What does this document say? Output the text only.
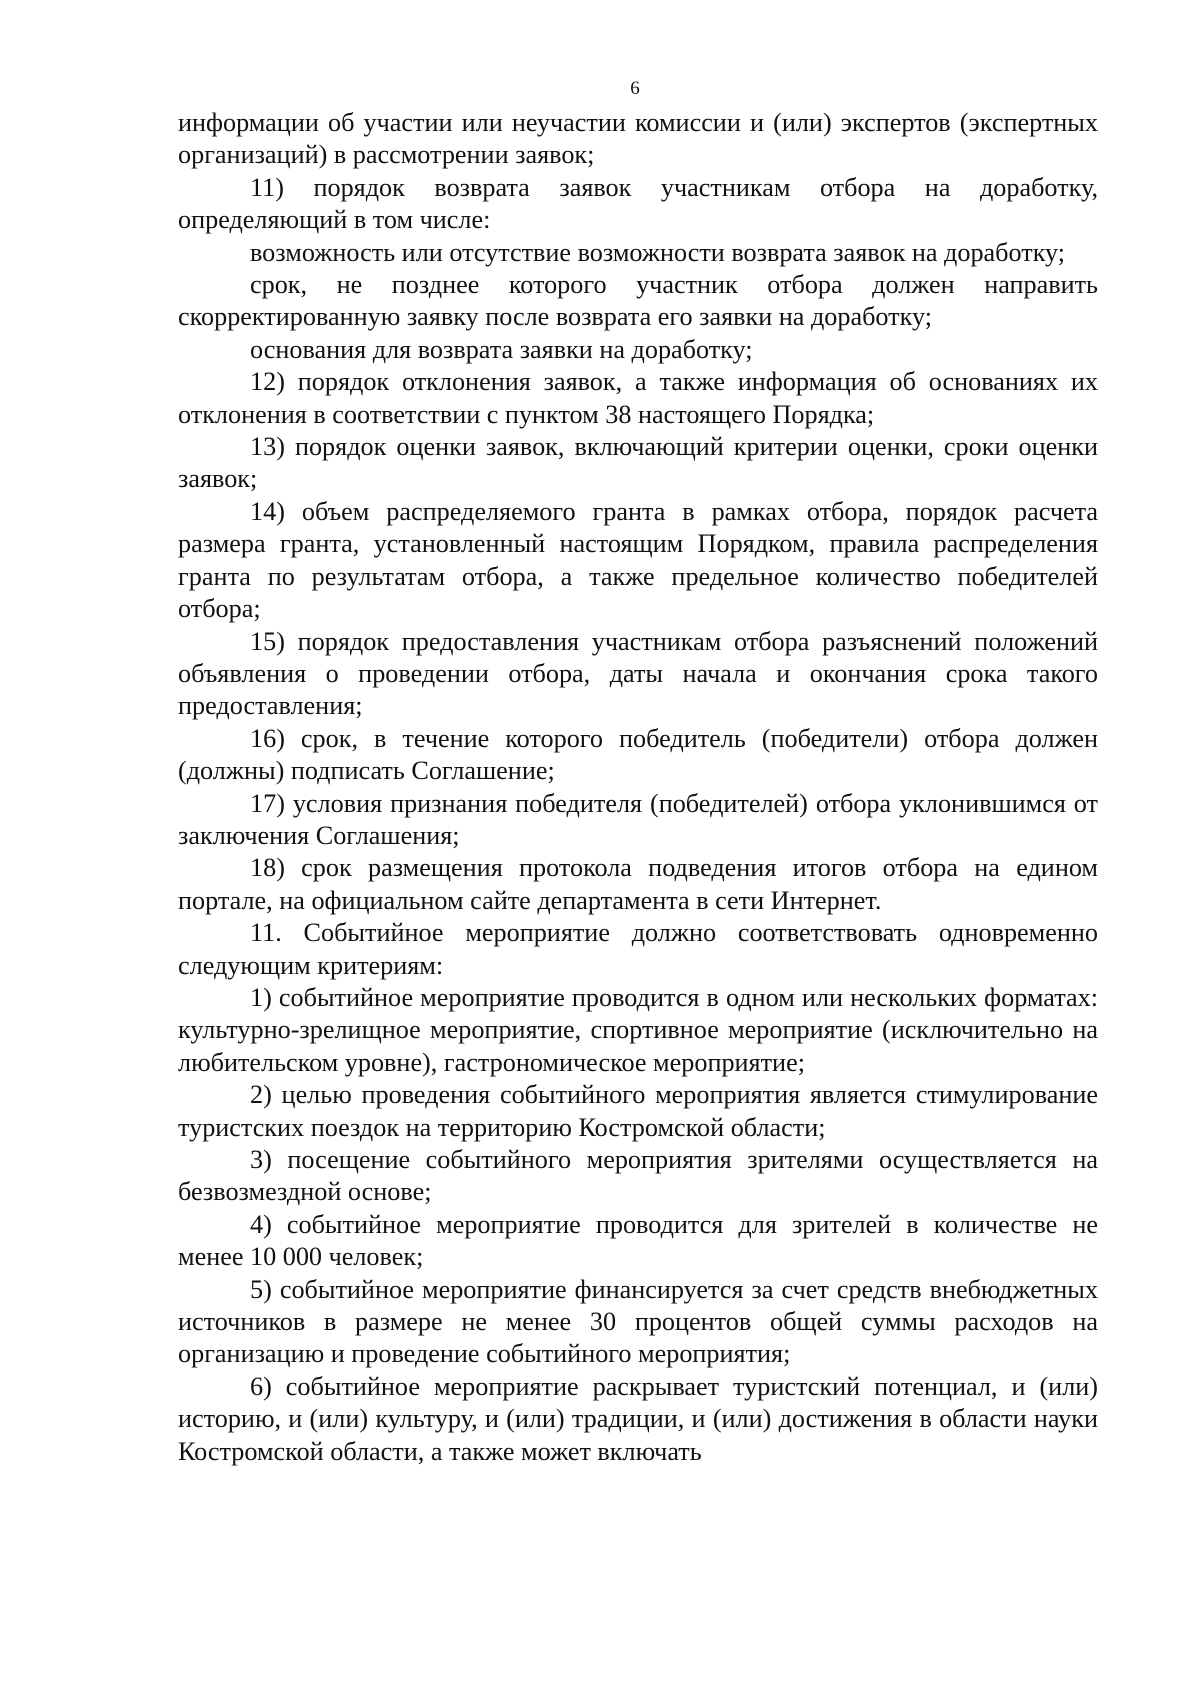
6

информации об участии или неучастии комиссии и (или) экспертов (экспертных организаций) в рассмотрении заявок;

11) порядок возврата заявок участникам отбора на доработку, определяющий в том числе:

возможность или отсутствие возможности возврата заявок на доработку;

срок, не позднее которого участник отбора должен направить скорректированную заявку после возврата его заявки на доработку;

основания для возврата заявки на доработку;

12) порядок отклонения заявок, а также информация об основаниях их отклонения в соответствии с пунктом 38 настоящего Порядка;

13) порядок оценки заявок, включающий критерии оценки, сроки оценки заявок;

14) объем распределяемого гранта в рамках отбора, порядок расчета размера гранта, установленный настоящим Порядком, правила распределения гранта по результатам отбора, а также предельное количество победителей отбора;

15) порядок предоставления участникам отбора разъяснений положений объявления о проведении отбора, даты начала и окончания срока такого предоставления;

16) срок, в течение которого победитель (победители) отбора должен (должны) подписать Соглашение;

17) условия признания победителя (победителей) отбора уклонившимся от заключения Соглашения;

18) срок размещения протокола подведения итогов отбора на едином портале, на официальном сайте департамента в сети Интернет.

11. Событийное мероприятие должно соответствовать одновременно следующим критериям:

1) событийное мероприятие проводится в одном или нескольких форматах: культурно-зрелищное мероприятие, спортивное мероприятие (исключительно на любительском уровне), гастрономическое мероприятие;

2) целью проведения событийного мероприятия является стимулирование туристских поездок на территорию Костромской области;

3) посещение событийного мероприятия зрителями осуществляется на безвозмездной основе;

4) событийное мероприятие проводится для зрителей в количестве не менее 10 000 человек;

5) событийное мероприятие финансируется за счет средств внебюджетных источников в размере не менее 30 процентов общей суммы расходов на организацию и проведение событийного мероприятия;

6) событийное мероприятие раскрывает туристский потенциал, и (или) историю, и (или) культуру, и (или) традиции, и (или) достижения в области науки Костромской области, а также может включать
